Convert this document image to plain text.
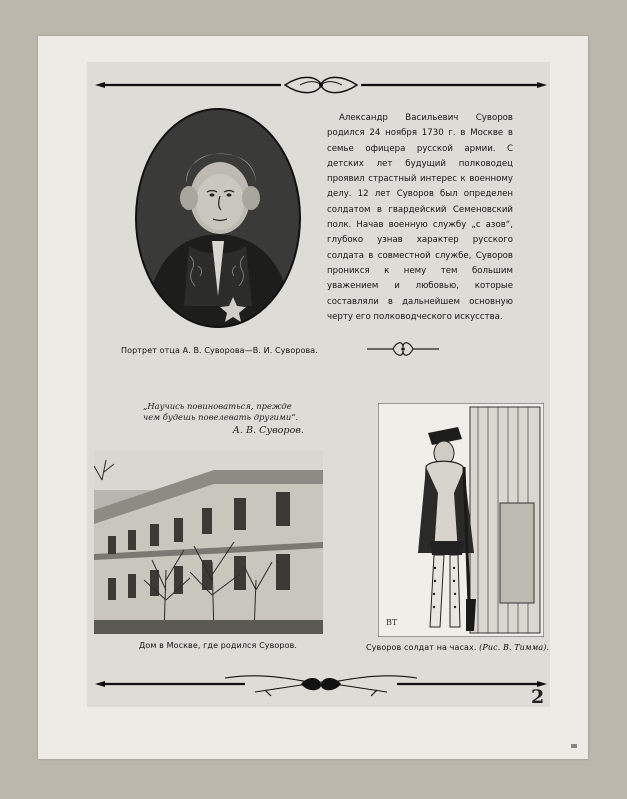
Портрет отца А. В. Суворова—В. И. Суворова.

Александр Васильевич Суворов родился 24 ноября 1730 г. в Москве в семье офицера русской армии. С детских лет будущий полководец проявил страстный интерес к военному делу. 12 лет Суворов был определен солдатом в гвардейский Семеновский полк. Начав военную службу „с азов“, глубоко узнав характер русского солдата в совместной службе, Суворов проникся к нему тем большим уважением и любовью, которые составляли в дальнейшем основную черту его полководческого искусства.

„Научись повиноваться, прежде
чем будешь повелевать другими“.
А. В. Суворов.
Дом в Москве, где родился Суворов.
ВТ
Суворов солдат на часах. (Рис. В. Тимма).
2
